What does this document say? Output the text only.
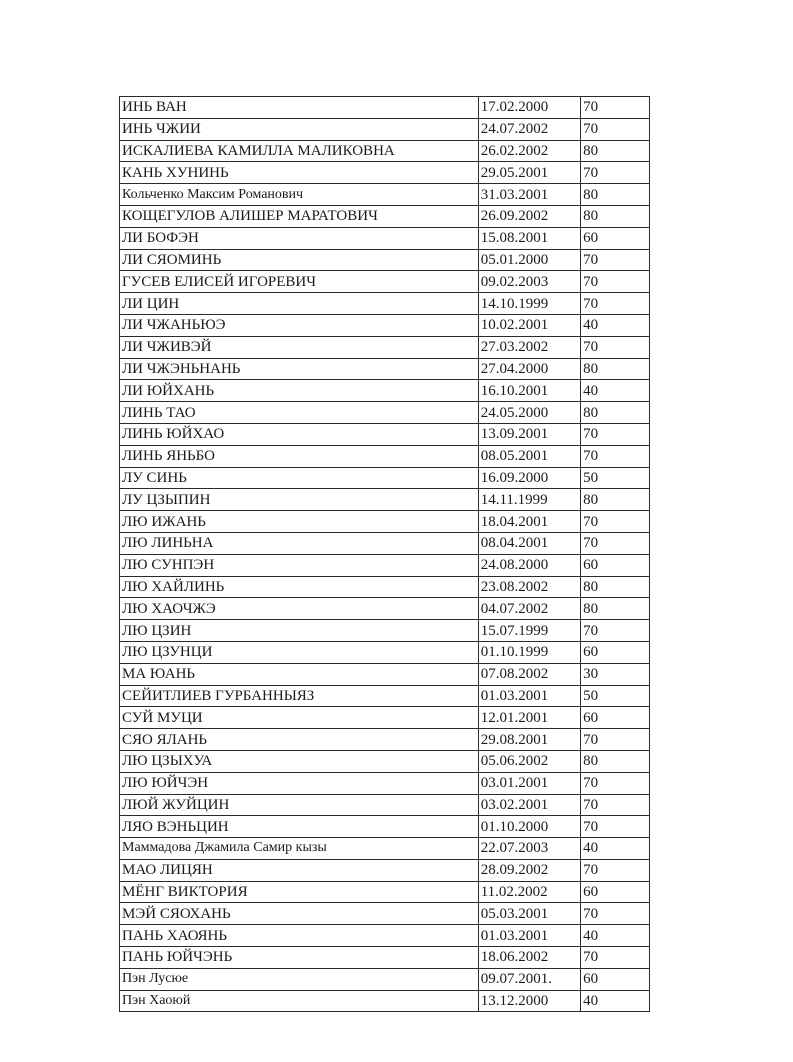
ИНЬ ВАН	17.02.2000	70
ИНЬ ЧЖИИ	24.07.2002	70
ИСКАЛИЕВА КАМИЛЛА МАЛИКОВНА	26.02.2002	80
КАНЬ ХУНИНЬ	29.05.2001	70
Кольченко Максим Романович	31.03.2001	80
КОЩЕГУЛОВ АЛИШЕР МАРАТОВИЧ	26.09.2002	80
ЛИ БОФЭН	15.08.2001	60
ЛИ СЯОМИНЬ	05.01.2000	70
ГУСЕВ ЕЛИСЕЙ ИГОРЕВИЧ	09.02.2003	70
ЛИ ЦИН	14.10.1999	70
ЛИ ЧЖАНЬЮЭ	10.02.2001	40
ЛИ ЧЖИВЭЙ	27.03.2002	70
ЛИ ЧЖЭНЬНАНЬ	27.04.2000	80
ЛИ ЮЙХАНЬ	16.10.2001	40
ЛИНЬ ТАО	24.05.2000	80
ЛИНЬ ЮЙХАО	13.09.2001	70
ЛИНЬ ЯНЬБО	08.05.2001	70
ЛУ СИНЬ	16.09.2000	50
ЛУ ЦЗЫПИН	14.11.1999	80
ЛЮ ИЖАНЬ	18.04.2001	70
ЛЮ ЛИНЬНА	08.04.2001	70
ЛЮ СУНПЭН	24.08.2000	60
ЛЮ ХАЙЛИНЬ	23.08.2002	80
ЛЮ ХАОЧЖЭ	04.07.2002	80
ЛЮ ЦЗИН	15.07.1999	70
ЛЮ ЦЗУНЦИ	01.10.1999	60
МА ЮАНЬ	07.08.2002	30
СЕЙИТЛИЕВ ГУРБАННЫЯЗ	01.03.2001	50
СУЙ МУЦИ	12.01.2001	60
СЯО ЯЛАНЬ	29.08.2001	70
ЛЮ ЦЗЫХУА	05.06.2002	80
ЛЮ ЮЙЧЭН	03.01.2001	70
ЛЮЙ ЖУЙЦИН	03.02.2001	70
ЛЯО ВЭНЬЦИН	01.10.2000	70
Маммадова Джамила Самир кызы	22.07.2003	40
МАО ЛИЦЯН	28.09.2002	70
МЁНГ ВИКТОРИЯ	11.02.2002	60
МЭЙ СЯОХАНЬ	05.03.2001	70
ПАНЬ ХАОЯНЬ	01.03.2001	40
ПАНЬ ЮЙЧЭНЬ	18.06.2002	70
Пэн Лусюе	09.07.2001.	60
Пэн Хаоюй	13.12.2000	40
